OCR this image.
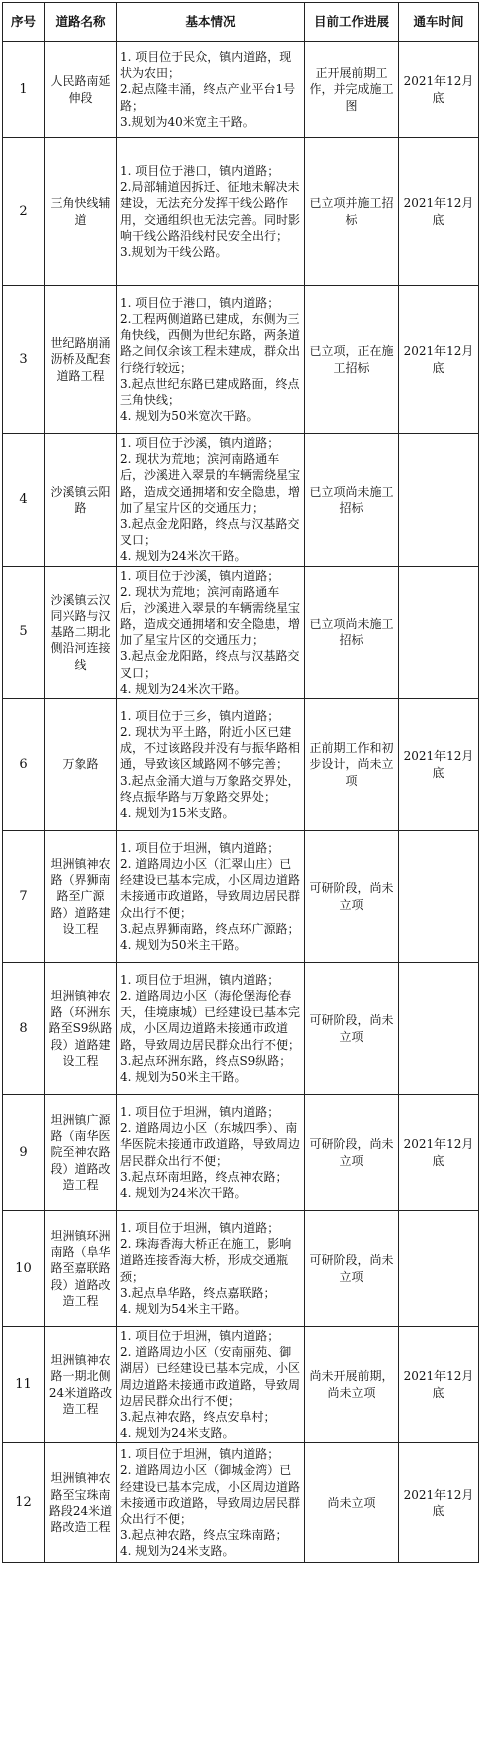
序号	道路名称	基本情况	目前工作进展	通车时间
1	人民路南延伸段	1. 项目位于民众，镇内道路，现状为农田；
2.起点隆丰涌，终点产业平台1号路；
3.规划为40米宽主干路。	正开展前期工作，并完成施工图	2021年12月底
2	三角快线辅道	1. 项目位于港口，镇内道路；
2.局部辅道因拆迁、征地未解决未建设，无法充分发挥干线公路作用，交通组织也无法完善。同时影响干线公路沿线村民安全出行；
3.规划为干线公路。	已立项并施工招标	2021年12月底
3	世纪路崩涌沥桥及配套道路工程	1. 项目位于港口，镇内道路；
2.工程两侧道路已建成，东侧为三角快线，西侧为世纪东路，两条道路之间仅余该工程未建成，群众出行绕行较远；
3.起点世纪东路已建成路面，终点三角快线；
4. 规划为50米宽次干路。	已立项，正在施工招标	2021年12月底
4	沙溪镇云阳路	1. 项目位于沙溪，镇内道路；
2. 现状为荒地；滨河南路通车后，沙溪进入翠景的车辆需绕星宝路，造成交通拥堵和安全隐患，增加了星宝片区的交通压力；
3.起点金龙阳路，终点与汉基路交叉口；
4. 规划为24米次干路。	已立项尚未施工招标	
5	沙溪镇云汉同兴路与汉基路二期北侧沿河连接线	1. 项目位于沙溪，镇内道路；
2. 现状为荒地；滨河南路通车后，沙溪进入翠景的车辆需绕星宝路，造成交通拥堵和安全隐患，增加了星宝片区的交通压力；
3.起点金龙阳路，终点与汉基路交叉口；
4. 规划为24米次干路。	已立项尚未施工招标	
6	万象路	1. 项目位于三乡，镇内道路；
2. 现状为平土路，附近小区已建成，不过该路段并没有与振华路相通，导致该区域路网不够完善；
3.起点金涌大道与万象路交界处，终点振华路与万象路交界处；
4. 规划为15米支路。	正前期工作和初步设计，尚未立项	2021年12月底
7	坦洲镇神农路（界狮南路至广源路）道路建设工程	1. 项目位于坦洲，镇内道路；
2. 道路周边小区（汇翠山庄）已经建设已基本完成，小区周边道路未接通市政道路，导致周边居民群众出行不便；
3.起点界狮南路，终点环广源路；
4. 规划为50米主干路。	可研阶段，尚未立项	
8	坦洲镇神农路（环洲东路至S9纵路段）道路建设工程	1. 项目位于坦洲，镇内道路；
2. 道路周边小区（海伦堡海伦春天，佳境康城）已经建设已基本完成，小区周边道路未接通市政道路，导致周边居民群众出行不便；
3.起点环洲东路，终点S9纵路；
4. 规划为50米主干路。	可研阶段，尚未立项	
9	坦洲镇广源路（南华医院至神农路段）道路改造工程	1. 项目位于坦洲，镇内道路；
2. 道路周边小区（东城四季）、南华医院未接通市政道路，导致周边居民群众出行不便；
3.起点环南坦路，终点神农路；
4. 规划为24米次干路。	可研阶段，尚未立项	2021年12月底
10	坦洲镇环洲南路（阜华路至嘉联路段）道路改造工程	1. 项目位于坦洲，镇内道路；
2. 珠海香海大桥正在施工，影响道路连接香海大桥，形成交通瓶颈；
3.起点阜华路，终点嘉联路；
4. 规划为54米主干路。	可研阶段，尚未立项	
11	坦洲镇神农路一期北侧24米道路改造工程	1. 项目位于坦洲，镇内道路；
2. 道路周边小区（安南丽苑、御湖居）已经建设已基本完成，小区周边道路未接通市政道路，导致周边居民群众出行不便；
3.起点神农路，终点安阜村；
4. 规划为24米支路。	尚未开展前期，尚未立项	2021年12月底
12	坦洲镇神农路至宝珠南路段24米道路改造工程	1. 项目位于坦洲，镇内道路；
2. 道路周边小区（御城金湾）已经建设已基本完成，小区周边道路未接通市政道路，导致周边居民群众出行不便；
3.起点神农路，终点宝珠南路；
4. 规划为24米支路。	尚未立项	2021年12月底
